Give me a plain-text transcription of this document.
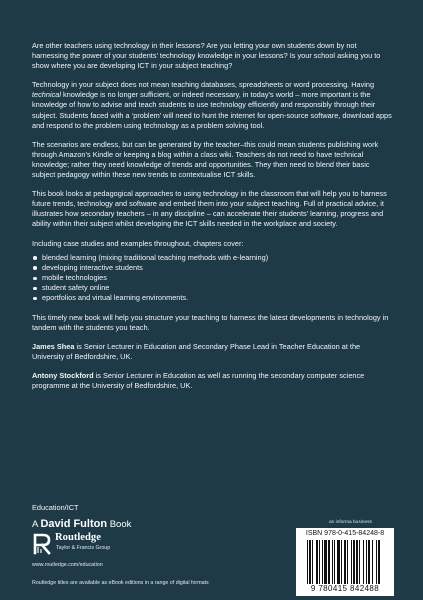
Are other teachers using technology in their lessons? Are you letting your own students down by not harnessing the power of your students’ technology knowledge in your lessons? Is your school asking you to show where you are developing ICT in your subject teaching?

Technology in your subject does not mean teaching databases, spreadsheets or word processing. Having technical knowledge is no longer sufficient, or indeed necessary, in today’s world – more important is the knowledge of how to advise and teach students to use technology efficiently and responsibly through their subject. Students faced with a ‘problem’ will need to hunt the internet for open-source software, download apps and respond to the problem using technology as a problem solving tool.

The scenarios are endless, but can be generated by the teacher–this could mean students publishing work through Amazon’s Kindle or keeping a blog within a class wiki. Teachers do not need to have technical knowledge; rather they need knowledge of trends and opportunities. They then need to blend their basic subject pedagogy within these new trends to contextualise ICT skills.

This book looks at pedagogical approaches to using technology in the classroom that will help you to harness future trends, technology and software and embed them into your subject teaching. Full of practical advice, it illustrates how secondary teachers – in any discipline – can accelerate their students’ learning, progress and ability within their subject whilst developing the ICT skills needed in the workplace and society.

Including case studies and examples throughout, chapters cover:

blended learning (mixing traditional teaching methods with e-learning)
developing interactive students
mobile technologies
student safety online
eportfolios and virtual learning environments.

This timely new book will help you structure your teaching to harness the latest developments in technology in tandem with the students you teach.

James Shea is Senior Lecturer in Education and Secondary Phase Lead in Teacher Education at the University of Bedfordshire, UK.

Antony Stockford is Senior Lecturer in Education as well as running the secondary computer science programme at the University of Bedfordshire, UK.

Education/ICT
A David Fulton Book
Routledge
Taylor & Francis Group
www.routledge.com/education
Routledge titles are available as eBook editions in a range of digital formats
an informa business
ISBN 978-0-415-84248-8
9 780415 842488
